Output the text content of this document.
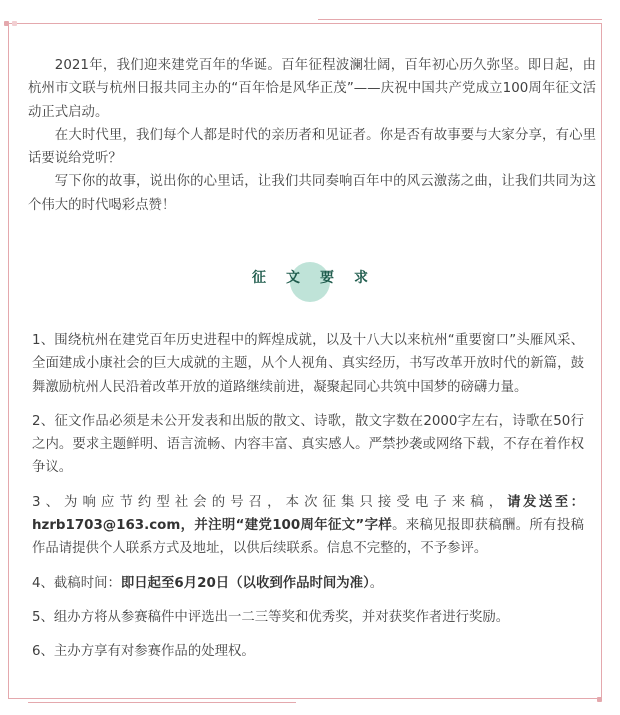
2021年，我们迎来建党百年的华诞。百年征程波澜壮阔，百年初心历久弥坚。即日起，由杭州市文联与杭州日报共同主办的“百年恰是风华正茂”——庆祝中国共产党成立100周年征文活动正式启动。

在大时代里，我们每个人都是时代的亲历者和见证者。你是否有故事要与大家分享，有心里话要说给党听？

写下你的故事，说出你的心里话，让我们共同奏响百年中的风云激荡之曲，让我们共同为这个伟大的时代喝彩点赞！

征文要求

1、围绕杭州在建党百年历史进程中的辉煌成就，以及十八大以来杭州“重要窗口”头雁风采、全面建成小康社会的巨大成就的主题，从个人视角、真实经历，书写改革开放时代的新篇，鼓舞激励杭州人民沿着改革开放的道路继续前进，凝聚起同心共筑中国梦的磅礴力量。

2、征文作品必须是未公开发表和出版的散文、诗歌，散文字数在2000字左右，诗歌在50行之内。要求主题鲜明、语言流畅、内容丰富、真实感人。严禁抄袭或网络下载，不存在着作权争议。

3、为响应节约型社会的号召，本次征集只接受电子来稿，请发送至：hzrb1703@163.com，并注明“建党100周年征文”字样。来稿见报即获稿酬。所有投稿作品请提供个人联系方式及地址，以供后续联系。信息不完整的，不予参评。

4、截稿时间：即日起至6月20日（以收到作品时间为准）。

5、组办方将从参赛稿件中评选出一二三等奖和优秀奖，并对获奖作者进行奖励。

6、主办方享有对参赛作品的处理权。
